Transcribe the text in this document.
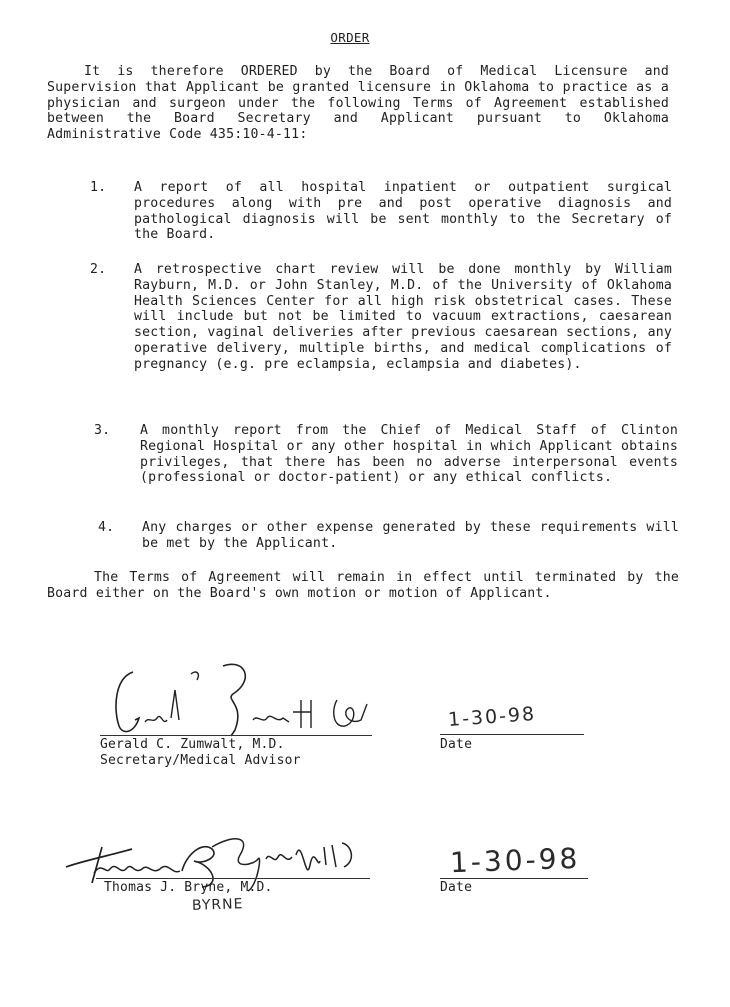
ORDER
It is therefore ORDERED by the Board of Medical Licensure and Supervision that Applicant be granted licensure in Oklahoma to practice as a physician and surgeon under the following Terms of Agreement established between the Board Secretary and Applicant pursuant to Oklahoma Administrative Code 435:10-4-11:
1. A report of all hospital inpatient or outpatient surgical procedures along with pre and post operative diagnosis and pathological diagnosis will be sent monthly to the Secretary of the Board.
2. A retrospective chart review will be done monthly by William Rayburn, M.D. or John Stanley, M.D. of the University of Oklahoma Health Sciences Center for all high risk obstetrical cases. These will include but not be limited to vacuum extractions, caesarean section, vaginal deliveries after previous caesarean sections, any operative delivery, multiple births, and medical complications of pregnancy (e.g. pre eclampsia, eclampsia and diabetes).
3. A monthly report from the Chief of Medical Staff of Clinton Regional Hospital or any other hospital in which Applicant obtains privileges, that there has been no adverse interpersonal events (professional or doctor-patient) or any ethical conflicts.
4. Any charges or other expense generated by these requirements will be met by the Applicant.
The Terms of Agreement will remain in effect until terminated by the Board either on the Board's own motion or motion of Applicant.
Gerald C. Zumwalt, M.D.
Secretary/Medical Advisor
1-30-98
Date
Thomas J. Bryne, M.D.
BYRNE
1-30-98
Date
